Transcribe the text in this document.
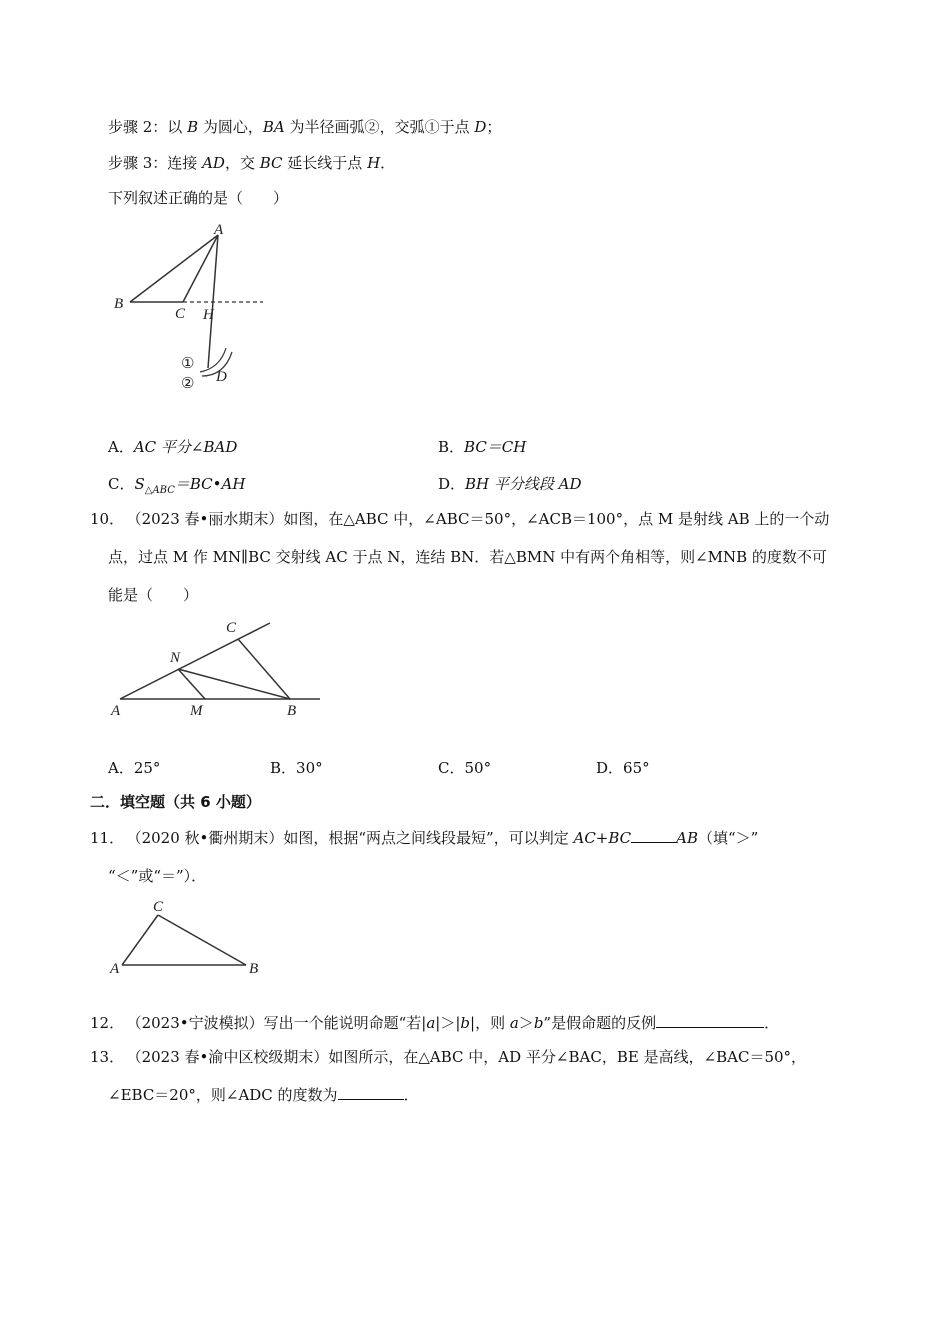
步骤 2：以 B 为圆心，BA 为半径画弧②，交弧①于点 D；
步骤 3：连接 AD，交 BC 延长线于点 H．
下列叙述正确的是（　　）
A
B
C H
D
①
②
A．AC 平分∠BAD	B．BC＝CH
C．$S_{\triangle ABC}=BC•AH$	D．BH 平分线段 AD
10． （2023 春•丽水期末）如图，在△ABC 中，∠ABC＝50°，∠ACB＝100°，点 M 是射线 AB 上的一个动
点，过点 M 作 MN∥BC 交射线 AC 于点 N，连结 BN．若△BMN 中有两个角相等，则∠MNB 的度数不可
能是（　　）
A	M	B
N
C
A．25°	B．30°	C．50°	D．65°
二．填空题（共 6 小题）
11． （2020 秋•衢州期末）如图，根据“两点之间线段最短”，可以判定 AC+BC	AB（填“＞”
“＜”或“＝”）．
A	B
C
12． （2023•宁波模拟）写出一个能说明命题“若|a|＞|b|，则 a＞b”是假命题的反例	．
13． （2023 春•渝中区校级期末）如图所示，在△ABC 中，AD 平分∠BAC，BE 是高线，∠BAC＝50°，
∠EBC＝20°，则∠ADC 的度数为	．
